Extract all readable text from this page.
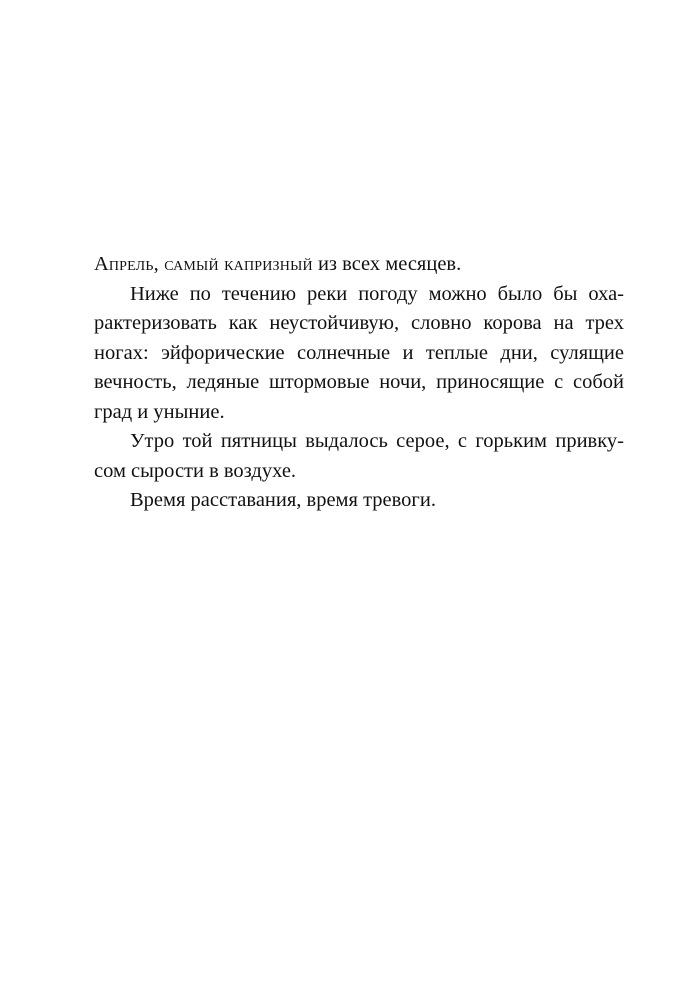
Апрель, самый капризный из всех месяцев.
Ниже по течению реки погоду можно было бы оха-
рактеризовать как неустойчивую, словно корова на трех
ногах: эйфорические солнечные и теплые дни, сулящие
вечность, ледяные штормовые ночи, приносящие с собой
град и уныние.
Утро той пятницы выдалось серое, с горьким привку-
сом сырости в воздухе.
Время расставания, время тревоги.
